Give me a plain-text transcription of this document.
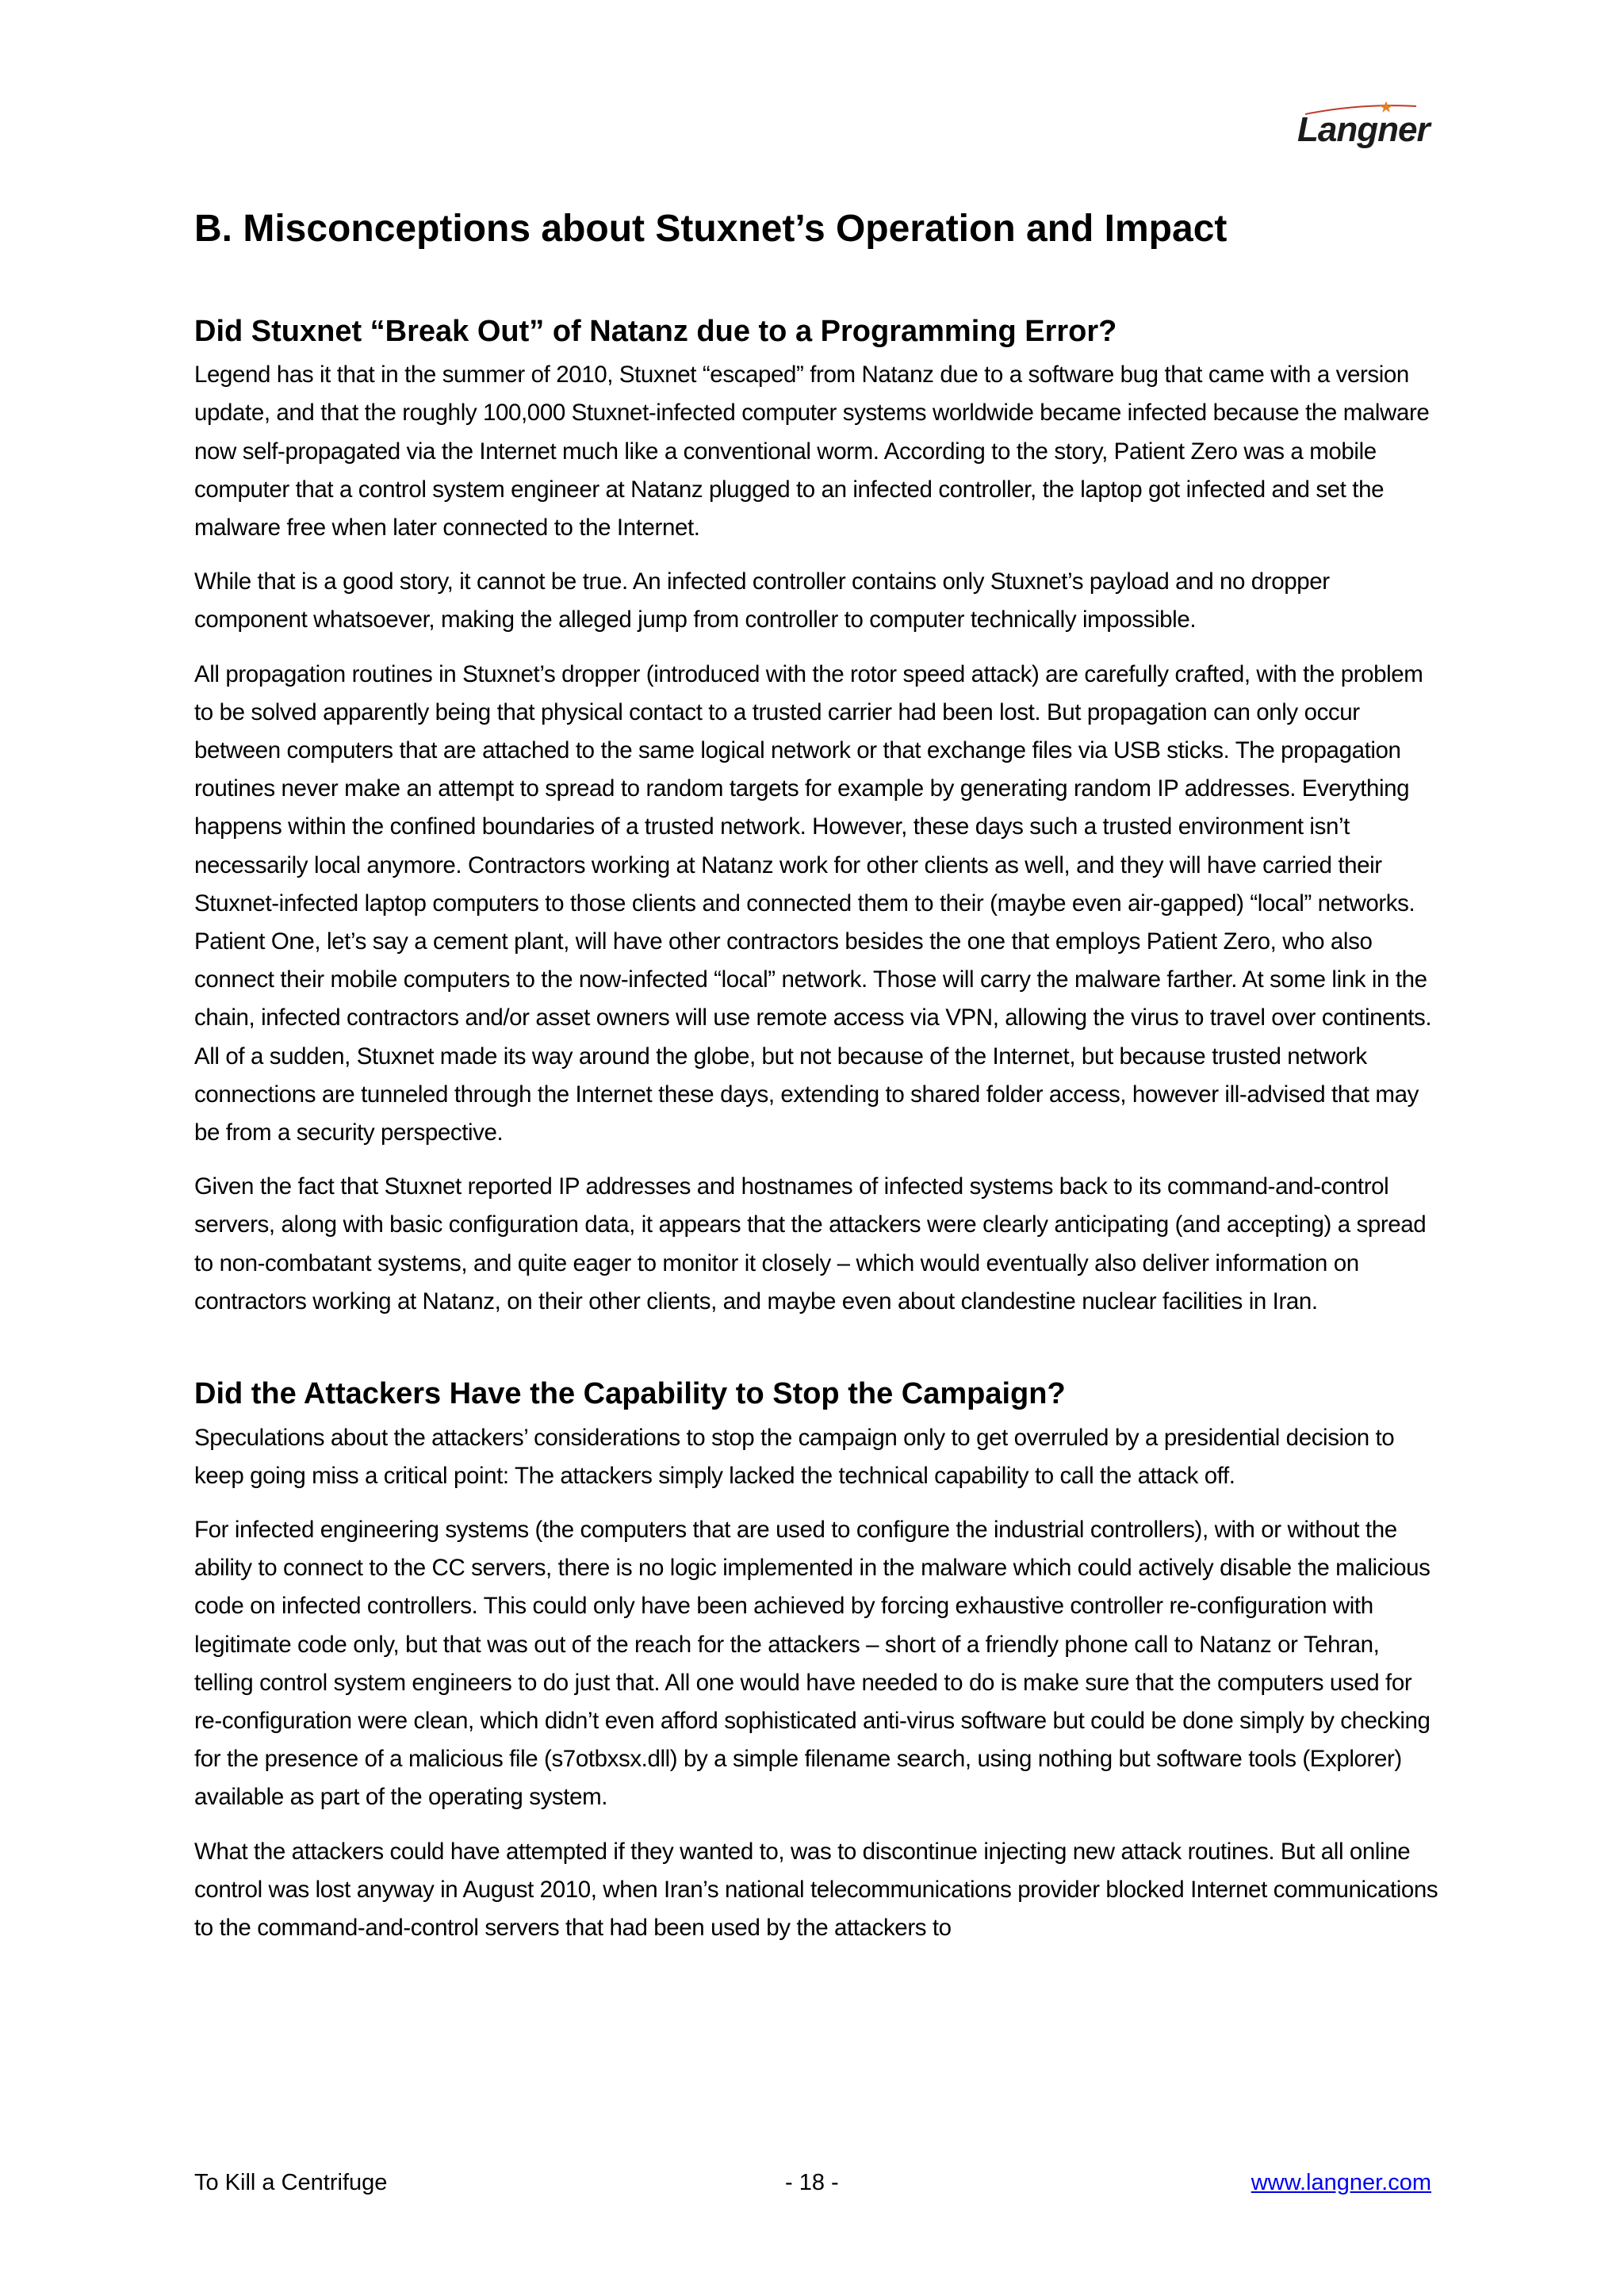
Langner
B. Misconceptions about Stuxnet’s Operation and Impact
Did Stuxnet “Break Out” of Natanz due to a Programming Error?

Legend has it that in the summer of 2010, Stuxnet “escaped” from Natanz due to a software bug that came with a version update, and that the roughly 100,000 Stuxnet-infected computer systems worldwide became infected because the malware now self-propagated via the Internet much like a conventional worm. According to the story, Patient Zero was a mobile computer that a control system engineer at Natanz plugged to an infected controller, the laptop got infected and set the malware free when later connected to the Internet.

While that is a good story, it cannot be true. An infected controller contains only Stuxnet’s payload and no dropper component whatsoever, making the alleged jump from controller to computer technically impossible.

All propagation routines in Stuxnet’s dropper (introduced with the rotor speed attack) are carefully crafted, with the problem to be solved apparently being that physical contact to a trusted carrier had been lost. But propagation can only occur between computers that are attached to the same logical network or that exchange files via USB sticks. The propagation routines never make an attempt to spread to random targets for example by generating random IP addresses. Everything happens within the confined boundaries of a trusted network. However, these days such a trusted environment isn’t necessarily local anymore. Contractors working at Natanz work for other clients as well, and they will have carried their Stuxnet-infected laptop computers to those clients and connected them to their (maybe even air-gapped) “local” networks. Patient One, let’s say a cement plant, will have other contractors besides the one that employs Patient Zero, who also connect their mobile computers to the now-infected “local” network. Those will carry the malware farther. At some link in the chain, infected contractors and/or asset owners will use remote access via VPN, allowing the virus to travel over continents. All of a sudden, Stuxnet made its way around the globe, but not because of the Internet, but because trusted network connections are tunneled through the Internet these days, extending to shared folder access, however ill-advised that may be from a security perspective.

Given the fact that Stuxnet reported IP addresses and hostnames of infected systems back to its command-and-control servers, along with basic configuration data, it appears that the attackers were clearly anticipating (and accepting) a spread to non-combatant systems, and quite eager to monitor it closely – which would eventually also deliver information on contractors working at Natanz, on their other clients, and maybe even about clandestine nuclear facilities in Iran.

Did the Attackers Have the Capability to Stop the Campaign?

Speculations about the attackers’ considerations to stop the campaign only to get overruled by a presidential decision to keep going miss a critical point: The attackers simply lacked the technical capability to call the attack off.

For infected engineering systems (the computers that are used to configure the industrial controllers), with or without the ability to connect to the CC servers, there is no logic implemented in the malware which could actively disable the malicious code on infected controllers. This could only have been achieved by forcing exhaustive controller re-configuration with legitimate code only, but that was out of the reach for the attackers – short of a friendly phone call to Natanz or Tehran, telling control system engineers to do just that. All one would have needed to do is make sure that the computers used for re-configuration were clean, which didn’t even afford sophisticated anti-virus software but could be done simply by checking for the presence of a malicious file (s7otbxsx.dll) by a simple filename search, using nothing but software tools (Explorer) available as part of the operating system.

What the attackers could have attempted if they wanted to, was to discontinue injecting new attack routines. But all online control was lost anyway in August 2010, when Iran’s national telecommunications provider blocked Internet communications to the command-and-control servers that had been used by the attackers to

To Kill a Centrifuge	- 18 -	www.langner.com
